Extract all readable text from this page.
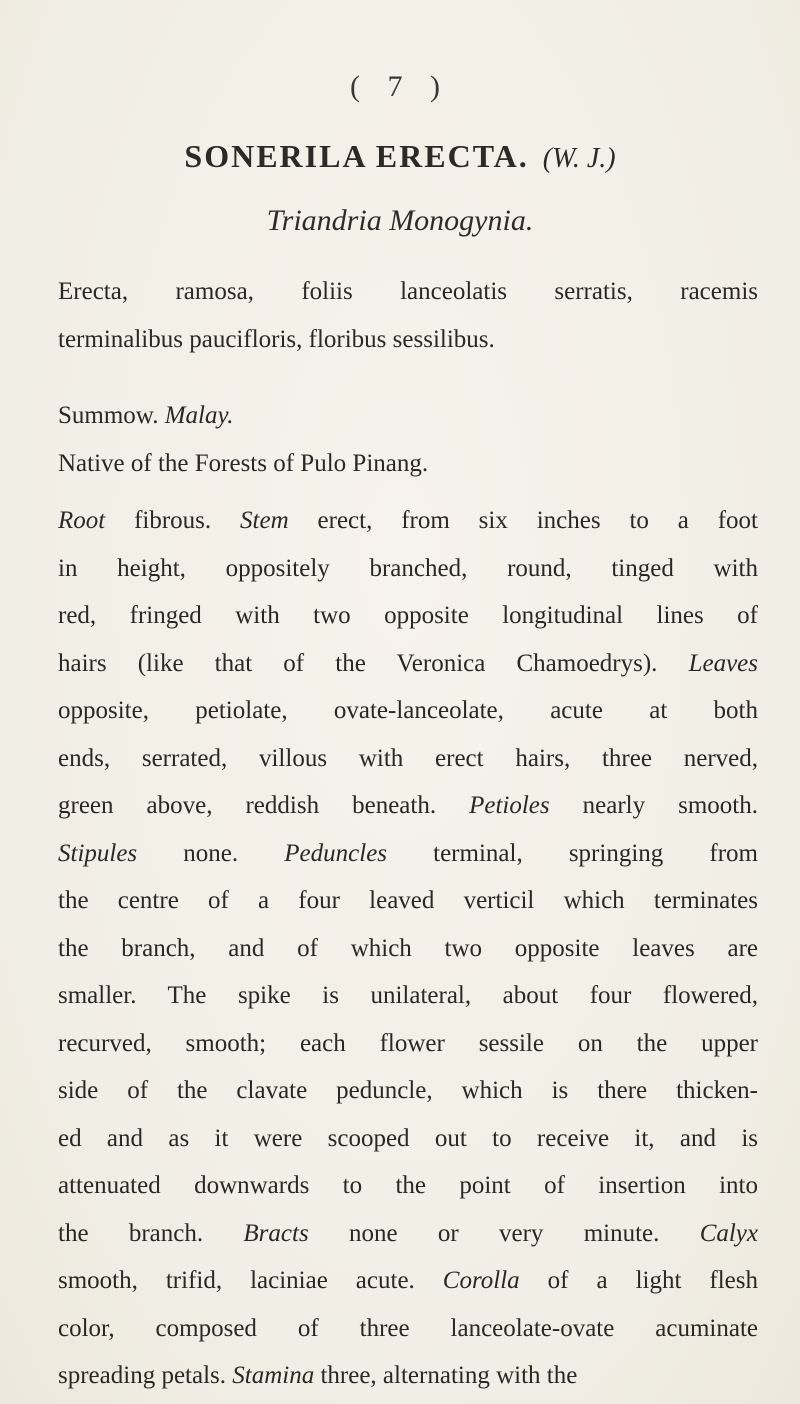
( 7 )
SONERILA ERECTA. (W. J.)
Triandria Monogynia.
Erecta, ramosa, foliis lanceolatis serratis, racemis
terminalibus paucifloris, floribus sessilibus.
Summow. Malay.
Native of the Forests of Pulo Pinang.
Root fibrous. Stem erect, from six inches to a foot
in height, oppositely branched, round, tinged with
red, fringed with two opposite longitudinal lines of
hairs (like that of the Veronica Chamoedrys). Leaves
opposite, petiolate, ovate-lanceolate, acute at both
ends, serrated, villous with erect hairs, three nerved,
green above, reddish beneath. Petioles nearly smooth.
Stipules none. Peduncles terminal, springing from
the centre of a four leaved verticil which terminates
the branch, and of which two opposite leaves are
smaller. The spike is unilateral, about four flowered,
recurved, smooth; each flower sessile on the upper
side of the clavate peduncle, which is there thicken-
ed and as it were scooped out to receive it, and is
attenuated downwards to the point of insertion into
the branch. Bracts none or very minute. Calyx
smooth, trifid, laciniae acute. Corolla of a light flesh
color, composed of three lanceolate-ovate acuminate
spreading petals. Stamina three, alternating with the
